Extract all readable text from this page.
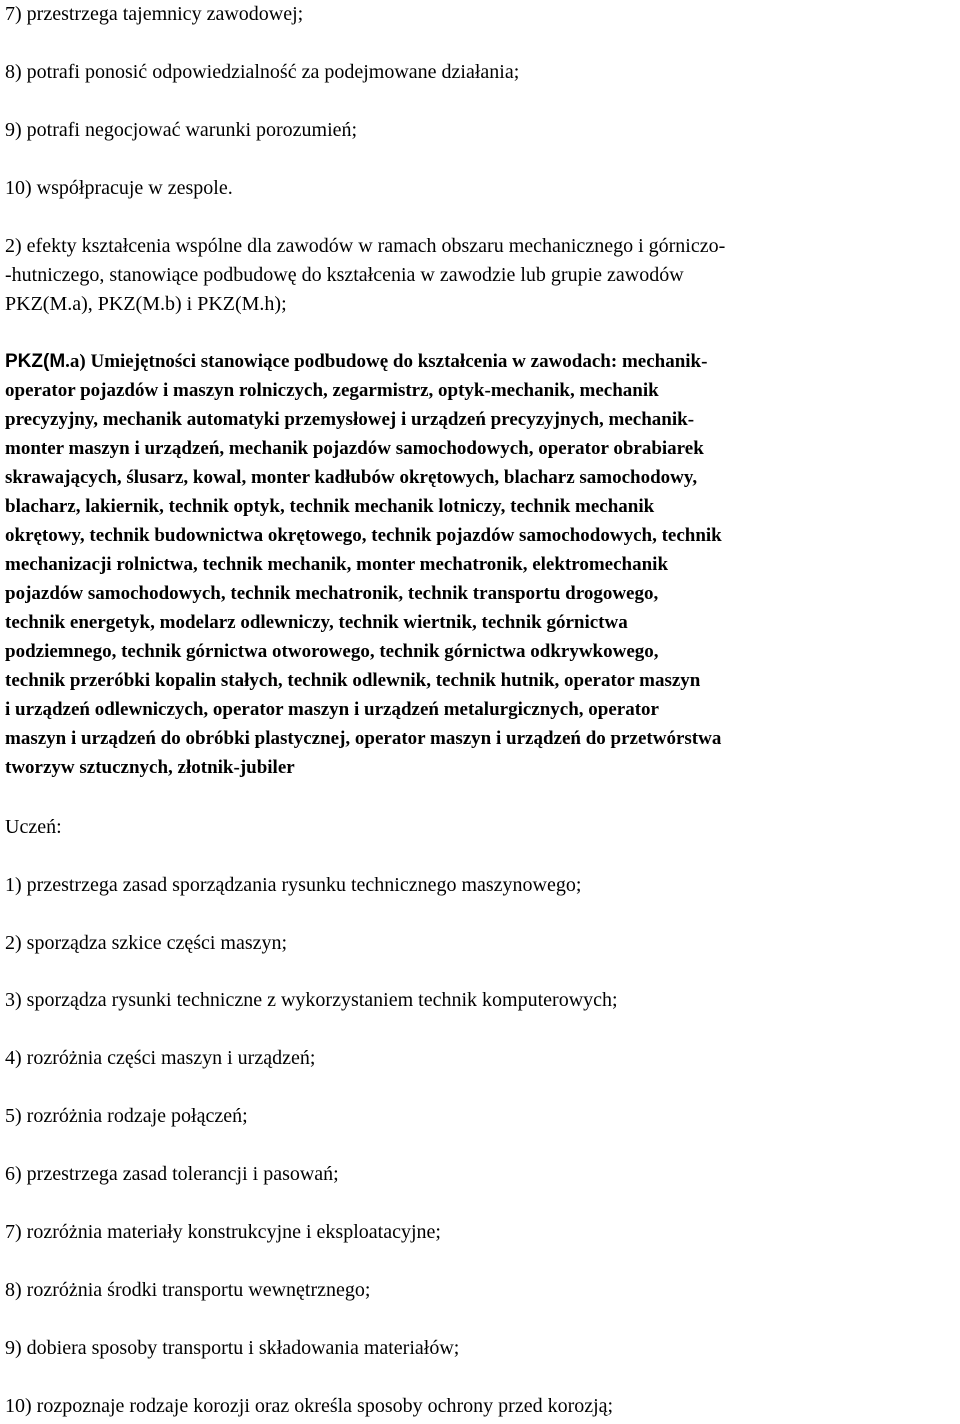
7) przestrzega tajemnicy zawodowej;
8) potrafi ponosić odpowiedzialność za podejmowane działania;
9) potrafi negocjować warunki porozumień;
10) współpracuje w zespole.
2) efekty kształcenia wspólne dla zawodów w ramach obszaru mechanicznego i górniczo-
-hutniczego, stanowiące podbudowę do kształcenia w zawodzie lub grupie zawodów
PKZ(M.a), PKZ(M.b) i PKZ(M.h);
PKZ(M.a) Umiejętności stanowiące podbudowę do kształcenia w zawodach: mechanik-
operator pojazdów i maszyn rolniczych, zegarmistrz, optyk-mechanik, mechanik
precyzyjny, mechanik automatyki przemysłowej i urządzeń precyzyjnych, mechanik-
monter maszyn i urządzeń, mechanik pojazdów samochodowych, operator obrabiarek
skrawających, ślusarz, kowal, monter kadłubów okrętowych, blacharz samochodowy,
blacharz, lakiernik, technik optyk, technik mechanik lotniczy, technik mechanik
okrętowy, technik budownictwa okrętowego, technik pojazdów samochodowych, technik
mechanizacji rolnictwa, technik mechanik, monter mechatronik, elektromechanik
pojazdów samochodowych, technik mechatronik, technik transportu drogowego,
technik energetyk, modelarz odlewniczy, technik wiertnik, technik górnictwa
podziemnego, technik górnictwa otworowego, technik górnictwa odkrywkowego,
technik przeróbki kopalin stałych, technik odlewnik, technik hutnik, operator maszyn
i urządzeń odlewniczych, operator maszyn i urządzeń metalurgicznych, operator
maszyn i urządzeń do obróbki plastycznej, operator maszyn i urządzeń do przetwórstwa
tworzyw sztucznych, złotnik-jubiler
Uczeń:
1) przestrzega zasad sporządzania rysunku technicznego maszynowego;
2) sporządza szkice części maszyn;
3) sporządza rysunki techniczne z wykorzystaniem technik komputerowych;
4) rozróżnia części maszyn i urządzeń;
5) rozróżnia rodzaje połączeń;
6) przestrzega zasad tolerancji i pasowań;
7) rozróżnia materiały konstrukcyjne i eksploatacyjne;
8) rozróżnia środki transportu wewnętrznego;
9) dobiera sposoby transportu i składowania materiałów;
10) rozpoznaje rodzaje korozji oraz określa sposoby ochrony przed korozją;
